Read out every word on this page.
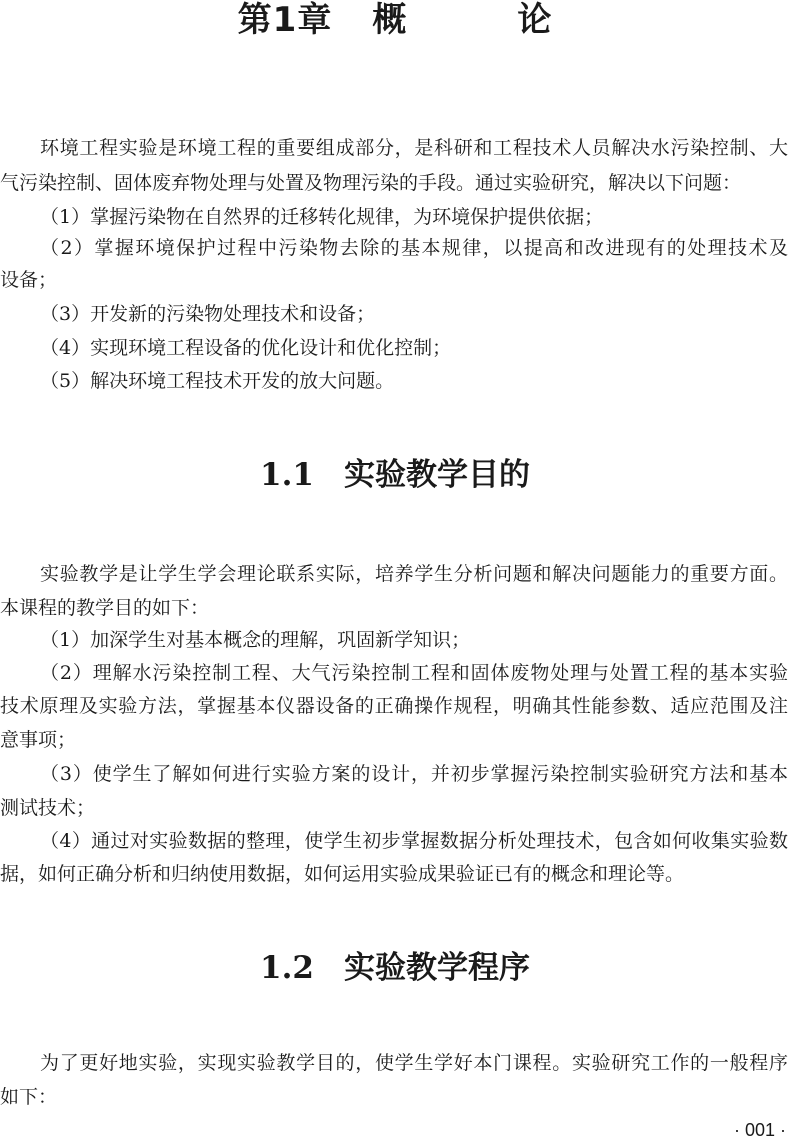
第1章 概	论
环境工程实验是环境工程的重要组成部分，是科研和工程技术人员解决水污染控制、大
气污染控制、固体废弃物处理与处置及物理污染的手段。通过实验研究，解决以下问题：
（1）掌握污染物在自然界的迁移转化规律，为环境保护提供依据；
（2）掌握环境保护过程中污染物去除的基本规律，以提高和改进现有的处理技术及
设备；
（3）开发新的污染物处理技术和设备；
（4）实现环境工程设备的优化设计和优化控制；
（5）解决环境工程技术开发的放大问题。
1.1 实验教学目的
实验教学是让学生学会理论联系实际，培养学生分析问题和解决问题能力的重要方面。
本课程的教学目的如下：
（1）加深学生对基本概念的理解，巩固新学知识；
（2）理解水污染控制工程、大气污染控制工程和固体废物处理与处置工程的基本实验
技术原理及实验方法，掌握基本仪器设备的正确操作规程，明确其性能参数、适应范围及注
意事项；
（3）使学生了解如何进行实验方案的设计，并初步掌握污染控制实验研究方法和基本
测试技术；
（4）通过对实验数据的整理，使学生初步掌握数据分析处理技术，包含如何收集实验数
据，如何正确分析和归纳使用数据，如何运用实验成果验证已有的概念和理论等。
1.2 实验教学程序
为了更好地实验，实现实验教学目的，使学生学好本门课程。实验研究工作的一般程序
如下：
· 001 ·
